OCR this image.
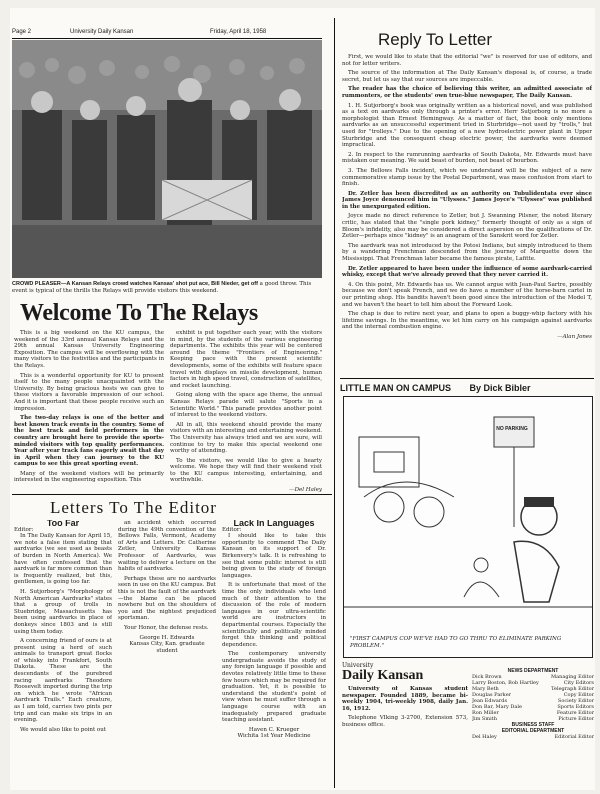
Page 2	University Daily Kansan	Friday, April 18, 1958
CROWD PLEASER—A Kansan Relays crowd watches Kansas' shot put ace, Bill Nieder, get off a good throw. This event is typical of the thrills the Relays will provide visitors this weekend.
Welcome To The Relays

This is a big weekend on the KU campus, the weekend of the 33rd annual Kansas Relays and the 29th annual Kansas University Engineering Exposition. The campus will be overflowing with the many visitors to the festivities and the participants in the Relays.

This is a wonderful opportunity for KU to present itself to the many people unacquainted with the University. By being gracious hosts we can give to these visitors a favorable impression of our school. And it is important that these people receive such an impression.

The two-day relays is one of the better and best known track events in the country. Some of the best track and field performers in the country are brought here to provide the sports-minded visitors with top quality performances. Year after year track fans eagerly await that day in April when they can journey to the KU campus to see this great sporting event.

Many of the weekend visitors will be primarily interested in the engineering exposition. This

exhibit is put together each year, with the visitors in mind, by the students of the various engineering departments. The exhibits this year will be centered around the theme "Frontiers of Engineering." Keeping pace with the present scientific developments, some of the exhibits will feature space travel with displays on missile development, human factors in high speed travel, construction of satellites, and rocket launching.

Going along with the space age theme, the annual Kansas Relays parade will salute "Sports in a Scientific World." This parade provides another point of interest to the weekend visitors.

All in all, this weekend should provide the many visitors with an interesting and entertaining weekend. The University has always tried and we are sure, will continue to try to make this special weekend one worthy of attending.

To the visitors, we would like to give a hearty welcome. We hope they will find their weekend visit to the KU campus interesting, entertaining, and worthwhile.

—Del Haley
Letters To The Editor
Too Far
Editor:

In The Daily Kansan for April 15, we note a false item stating that aardvarks (we see used as beasts of burden in North America). We have often confessed that the aardvark is far more common than is frequently realized, but this, gentlemen, is going too far.

H. Sutjorborg's "Morphology of North American Aardvarks" states that a group of trolls in Stuebridge, Massachusetts has been using aardvarks in place of donkeys since 1803 and is still using them today.

A concerning friend of ours is at present using a herd of such animals to transport great flocks of whisky into Frankfort, South Dakota. These are the descendants of the purebred racing aardvarks Theodore Roosevelt imported during the trip on which he wrote "African Aardvark Trails." Each creature, as I am told, carries two pints per trip and can make six trips in an evening.

We would also like to point out

an accident which occurred during the 49th convention of the Bellows Falls, Vermont, Academy of Arts and Letters. Dr. Catherine Zetler, University Kansas Professor of Aardvarks, was waiting to deliver a lecture on the habits of aardvarks.

Perhaps these are no aardvarks seen in use on the KU campus. But this is not the fault of the aardvark—the blame can be placed nowhere but on the shoulders of you and the nightest prejudiced sportsman.

Your Honor, the defense rests.

George H. Edwards
Kansas City, Kan. graduate student
Lack In Languages
Editor:

I should like to take this opportunity to commend The Daily Kansan on its support of Dr. Birkenvery's talk. It is refreshing to see that some public interest is still being given to the study of foreign languages.

It is unfortunate that most of the time the only individuals who lend much of their attention to the discussion of the role of modern languages in our ultra-scientific world are instructors in departmental courses. Especially the scientifically and politically minded forget this thinking and political dependence.

The contemporary university undergraduate avoids the study of any foreign language if possible and devotes relatively little time to these few hours which may be required for graduation. Yet, it is possible to understand the student's point of view when he must suffer through a language course with an inadequately prepared graduate teaching assistant.

Haven C. Krueger
Wichita 1st Year Medicine
Reply To Letter

First, we would like to state that the editorial "we" is reserved for use of editors, and not for letter writers.

The source of the information at The Daily Kansan's disposal is, of course, a trade secret, but let us say that our sources are impeccable.

The reader has the choice of believing this writer, an admitted associate of rummonters, or the students' own true-blue newspaper, The Daily Kansan.

1. H. Sutjorborg's book was originally written as a historical novel, and was published as a text on aardvarks only through a printer's error. Herr Sutjorborg is no more a morphologist than Ernest Hemingway. As a matter of fact, the book only mentions aardvarks as an unsuccessful experiment tried in Sturbridge—not used by "trolls," but used for "trolleys." Due to the opening of a new hydroelectric power plant in Upper Sturbridge and the consequent cheap electric power, the aardvarks were deemed impractical.

2. In respect to the rumrunning aardvarks of South Dakota, Mr. Edwards must have mistaken our meaning. We said beast of burden, not beast of bourbon.

3. The Bellows Falls incident, which we understand will be the subject of a new commemorative stamp issue by the Postal Department, was mass confusion from start to finish.

Dr. Zetler has been discredited as an authority on Tubulidentata ever since James Joyce denounced him in "Ulysses." James Joyce's "Ulysses" was published in the unexpurgated edition.

Joyce made no direct reference to Zetler, but J. Swanning Pilsner, the noted literary critic, has stated that the "single pork kidney," formerly thought of only as a sign of Bloom's infidelity, also may be considered a direct aspersion on the qualifications of Dr. Zetler—perhaps since "kidney" is an anagram of the Sanskrit word for Zetler.

The aardvark was not introduced by the Potosi Indians, but simply introduced to them by a wandering Frenchman descended from the journey of Marquette down the Mississippi. That Frenchman later became the famous pirate, Lafitte.

Dr. Zetler appeared to have been under the influence of some aardvark-carried whisky, except that we've already proved that they never carried it.

4. On this point, Mr. Edwards has us. We cannot argue with Jean-Paul Sartre, possibly because we don't speak French, and we do have a member of the horse-barn cartel in our printing shop. His bandits haven't been good since the introduction of the Model T, and we haven't the heart to tell him about the Forward Look.

The chap is due to retire next year, and plans to open a buggy-whip factory with his lifetime savings. In the meantime, we let him carry on his campaign against aardvarks and the internal combustion engine.

—Alan Jones
LITTLE MAN ON CAMPUS By Dick Bibler
NO PARKING
"FIRST CAMPUS COP WE'VE HAD TO GO THRU TO ELIMINATE PARKING PROBLEM."
University
Daily Kansan

University of Kansas student newspaper. Founded 1889, became bi-weekly 1904, tri-weekly 1908, daily Jan. 16, 1912.

Telephone VIking 3-2700, Extension 573, business office.

NEWS DEPARTMENT
Dick Brown	Managing Editor
Larry Boston, Bob Hartley	City Editors
Mary Beth	Telegraph Editor
Douglas Parker	Copy Editor
Jean Edwards	Society Editor
Don Bar, Mary Dale	Sports Editors
Ron Miller	Feature Editor
Jim Smith	Picture Editor
BUSINESS STAFF
EDITORIAL DEPARTMENT
Del Haley	Editorial Editor
